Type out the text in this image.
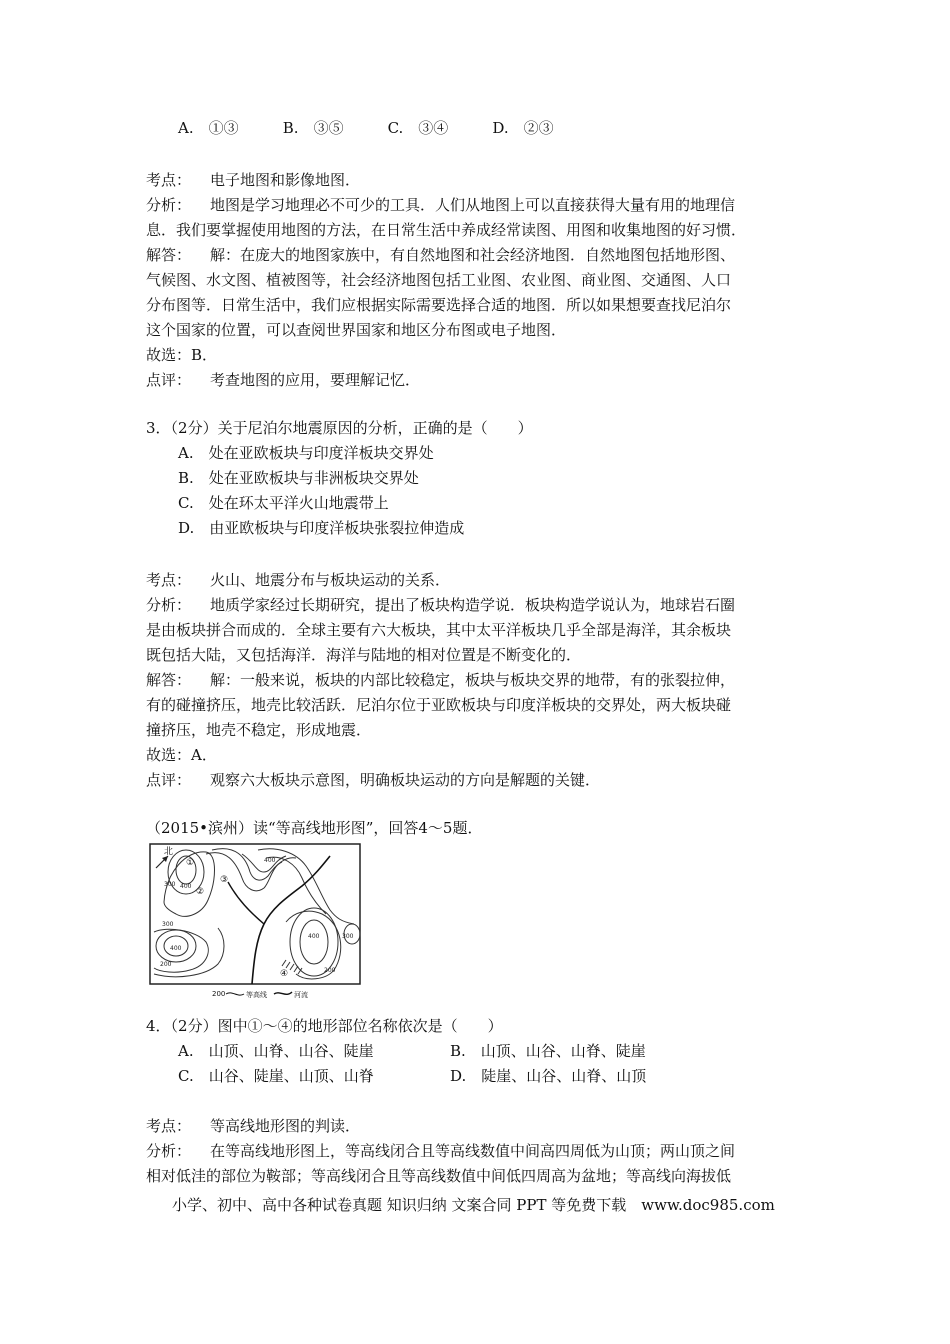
A.　①③	B.　③⑤	C.　③④	D.　②③
考点： 电子地图和影像地图．
分析： 地图是学习地理必不可少的工具．人们从地图上可以直接获得大量有用的地理信
息．我们要掌握使用地图的方法，在日常生活中养成经常读图、用图和收集地图的好习惯．
解答： 解：在庞大的地图家族中，有自然地图和社会经济地图．自然地图包括地形图、
气候图、水文图、植被图等，社会经济地图包括工业图、农业图、商业图、交通图、人口
分布图等．日常生活中，我们应根据实际需要选择合适的地图．所以如果想要查找尼泊尔
这个国家的位置，可以查阅世界国家和地区分布图或电子地图．
故选：B．
点评： 考查地图的应用，要理解记忆．
3．（2分）关于尼泊尔地震原因的分析，正确的是（　　）
A.　处在亚欧板块与印度洋板块交界处
B.　处在亚欧板块与非洲板块交界处
C.　处在环太平洋火山地震带上
D.　由亚欧板块与印度洋板块张裂拉伸造成
考点： 火山、地震分布与板块运动的关系．
分析： 地质学家经过长期研究，提出了板块构造学说．板块构造学说认为，地球岩石圈
是由板块拼合而成的．全球主要有六大板块，其中太平洋板块几乎全部是海洋，其余板块
既包括大陆，又包括海洋．海洋与陆地的相对位置是不断变化的．
解答： 解：一般来说，板块的内部比较稳定，板块与板块交界的地带，有的张裂拉伸，
有的碰撞挤压，地壳比较活跃．尼泊尔位于亚欧板块与印度洋板块的交界处，两大板块碰
撞挤压，地壳不稳定，形成地震．
故选：A．
点评： 观察六大板块示意图，明确板块运动的方向是解题的关键．
（2015•滨州）读“等高线地形图”，回答4～5题．
北
①
②
③
④
300 400
400
300
400
400	300
200
200
200	等高线	河流
4．（2分）图中①～④的地形部位名称依次是（　　）
A.　山顶、山脊、山谷、陡崖	B.　山顶、山谷、山脊、陡崖
C.　山谷、陡崖、山顶、山脊	D.　陡崖、山谷、山脊、山顶
考点： 等高线地形图的判读．
分析： 在等高线地形图上，等高线闭合且等高线数值中间高四周低为山顶；两山顶之间
相对低洼的部位为鞍部；等高线闭合且等高线数值中间低四周高为盆地；等高线向海拔低
小学、初中、高中各种试卷真题 知识归纳 文案合同 PPT 等免费下载　www.doc985.com
